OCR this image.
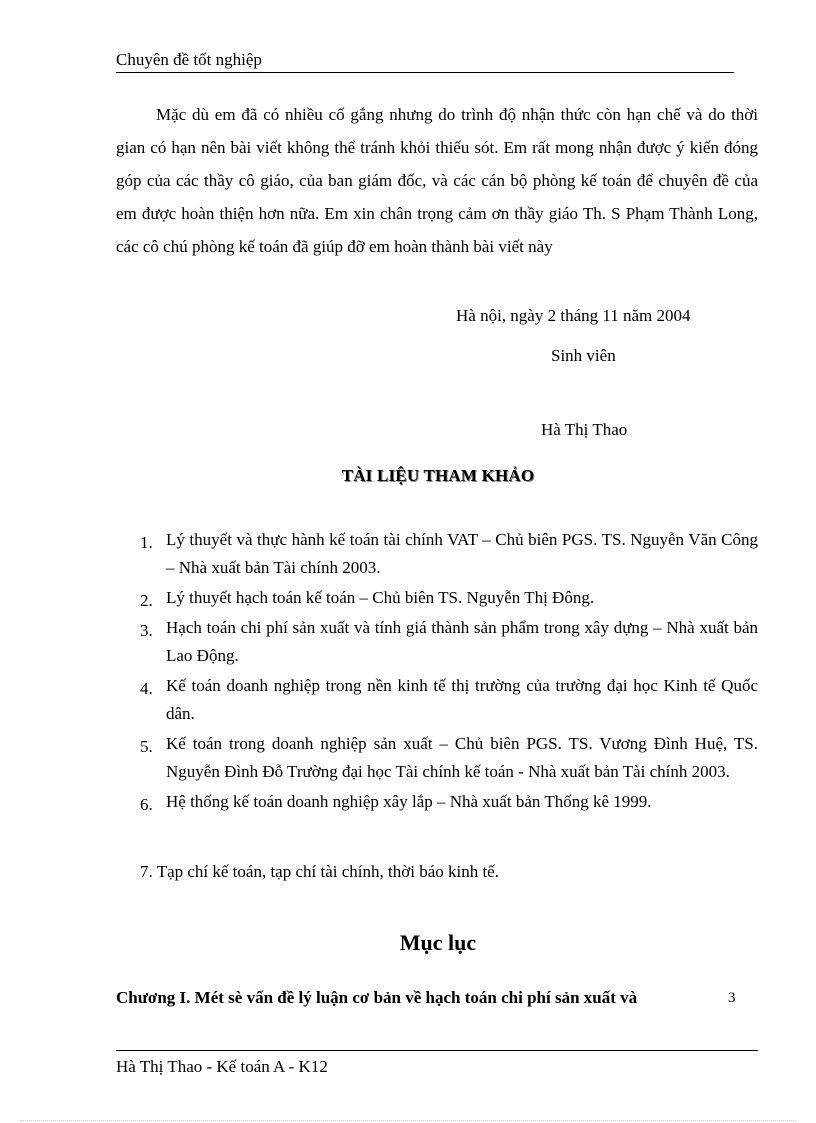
Chuyên đề tốt nghiệp

Mặc dù em đã có nhiều cố gắng nhưng do trình độ nhận thức còn hạn chế và do thời gian có hạn nên bài viết không thể tránh khỏi thiếu sót. Em rất mong nhận được ý kiến đóng góp của các thầy cô giáo, của ban giám đốc, và các cán bộ phòng kế toán để chuyên đề của em được hoàn thiện hơn nữa. Em xin chân trọng cảm ơn thầy giáo Th. S Phạm Thành Long, các cô chú phòng kế toán đã giúp đỡ em hoàn thành bài viết này

Hà nội, ngày 2 tháng 11 năm 2004
Sinh viên
Hà Thị Thao
TÀI LIỆU THAM KHẢO
1. Lý thuyết và thực hành kế toán tài chính VAT – Chủ biên PGS. TS. Nguyễn Văn Công – Nhà xuất bản Tài chính 2003.
2. Lý thuyết hạch toán kế toán – Chủ biên TS. Nguyễn Thị Đông.
3. Hạch toán chi phí sản xuất và tính giá thành sản phẩm trong xây dựng – Nhà xuất bản Lao Động.
4. Kế toán doanh nghiệp trong nền kinh tế thị trường của trường đại học Kinh tế Quốc dân.
5. Kế toán trong doanh nghiệp sản xuất – Chủ biên PGS. TS. Vương Đình Huệ, TS. Nguyễn Đình Đỗ Trường đại học Tài chính kế toán - Nhà xuất bản Tài chính 2003.
6. Hệ thống kế toán doanh nghiệp xây lắp – Nhà xuất bản Thống kê 1999.
7. Tạp chí kế toán, tạp chí tài chính, thời báo kinh tế.
Mục lục
Chương I. Mét sè vấn đề lý luận cơ bản về hạch toán chi phí sản xuất và	3
Hà Thị Thao - Kế toán A - K12
